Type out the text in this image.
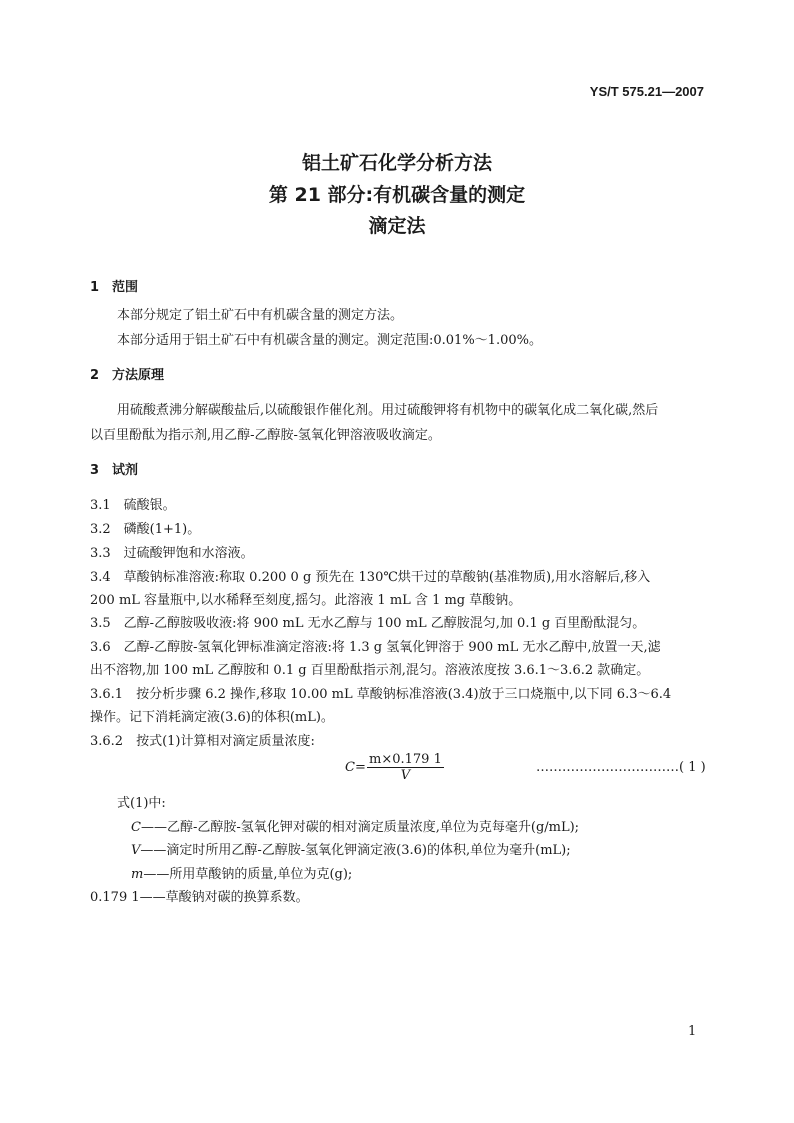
YS/T 575.21—2007
铝土矿石化学分析方法
第 21 部分:有机碳含量的测定
滴定法
1　范围
本部分规定了铝土矿石中有机碳含量的测定方法。
本部分适用于铝土矿石中有机碳含量的测定。测定范围:0.01%～1.00%。
2　方法原理
用硫酸煮沸分解碳酸盐后,以硫酸银作催化剂。用过硫酸钾将有机物中的碳氧化成二氧化碳,然后
以百里酚酞为指示剂,用乙醇-乙醇胺-氢氧化钾溶液吸收滴定。
3　试剂
3.1　硫酸银。
3.2　磷酸(1+1)。
3.3　过硫酸钾饱和水溶液。
3.4　草酸钠标准溶液:称取 0.200 0 g 预先在 130℃烘干过的草酸钠(基准物质),用水溶解后,移入
200 mL 容量瓶中,以水稀释至刻度,摇匀。此溶液 1 mL 含 1 mg 草酸钠。
3.5　乙醇-乙醇胺吸收液:将 900 mL 无水乙醇与 100 mL 乙醇胺混匀,加 0.1 g 百里酚酞混匀。
3.6　乙醇-乙醇胺-氢氧化钾标准滴定溶液:将 1.3 g 氢氧化钾溶于 900 mL 无水乙醇中,放置一天,滤
出不溶物,加 100 mL 乙醇胺和 0.1 g 百里酚酞指示剂,混匀。溶液浓度按 3.6.1～3.6.2 款确定。
3.6.1　按分析步骤 6.2 操作,移取 10.00 mL 草酸钠标准溶液(3.4)放于三口烧瓶中,以下同 6.3～6.4
操作。记下消耗滴定液(3.6)的体积(mL)。
3.6.2　按式(1)计算相对滴定质量浓度:
$C= \frac{m\times 0.179 1}{V}$	……………………………( 1 )
式(1)中:
C——乙醇-乙醇胺-氢氧化钾对碳的相对滴定质量浓度,单位为克每毫升(g/mL);
V——滴定时所用乙醇-乙醇胺-氢氧化钾滴定液(3.6)的体积,单位为毫升(mL);
m——所用草酸钠的质量,单位为克(g);
0.179 1——草酸钠对碳的换算系数。
1
